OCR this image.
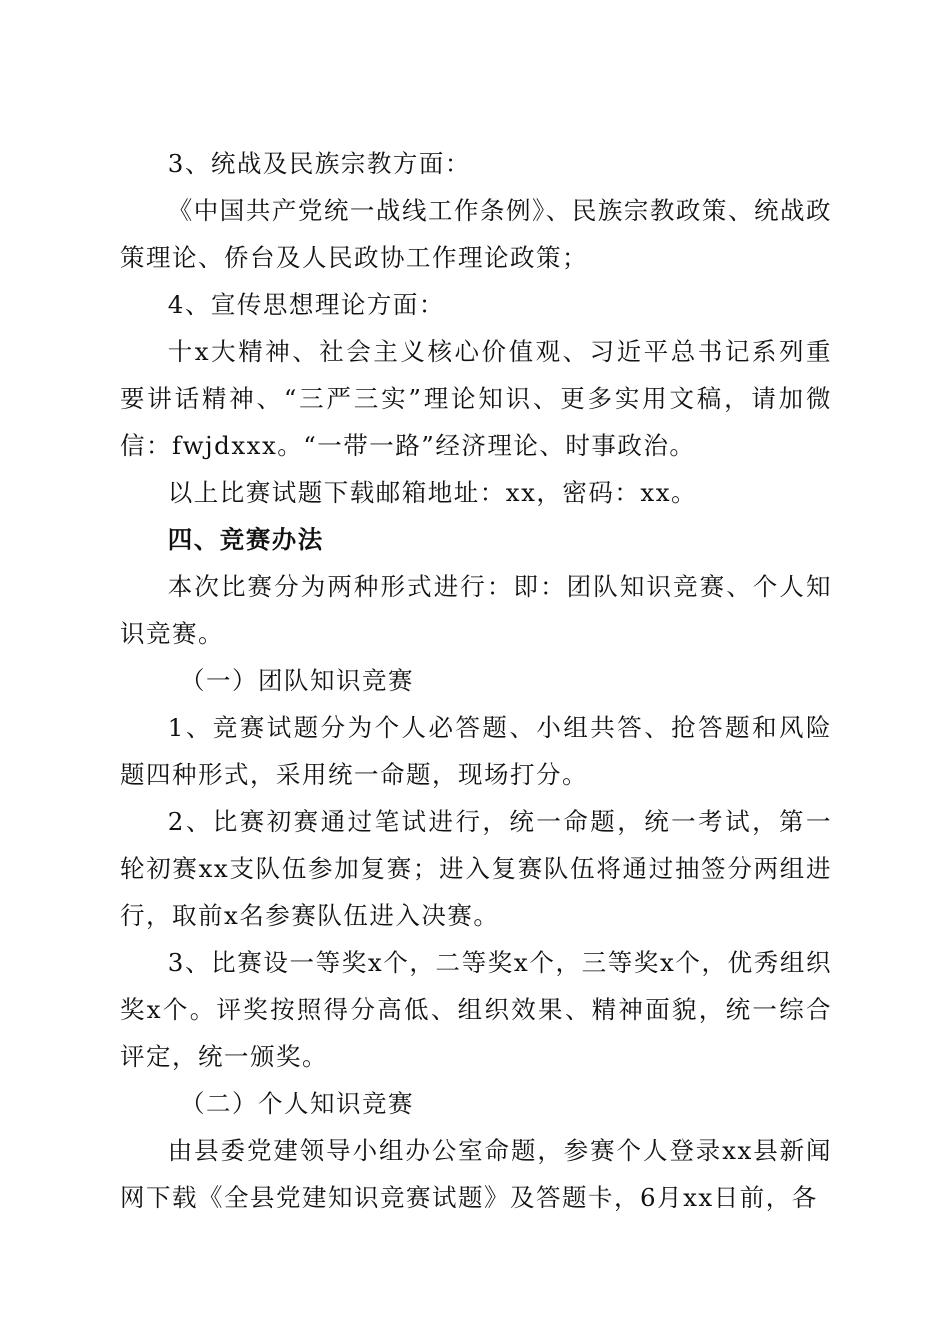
3、统战及民族宗教方面：

《中国共产党统一战线工作条例》、民族宗教政策、统战政策理论、侨台及人民政协工作理论政策；

4、宣传思想理论方面：

十x大精神、社会主义核心价值观、习近平总书记系列重要讲话精神、“三严三实”理论知识、更多实用文稿，请加微信：fwjdxxx。“一带一路”经济理论、时事政治。

以上比赛试题下载邮箱地址：xx，密码：xx。

四、竞赛办法

本次比赛分为两种形式进行：即：团队知识竞赛、个人知识竞赛。

（一）团队知识竞赛

1、竞赛试题分为个人必答题、小组共答、抢答题和风险题四种形式，采用统一命题，现场打分。

2、比赛初赛通过笔试进行，统一命题，统一考试，第一轮初赛xx支队伍参加复赛；进入复赛队伍将通过抽签分两组进行，取前x名参赛队伍进入决赛。

3、比赛设一等奖x个，二等奖x个，三等奖x个，优秀组织奖x个。评奖按照得分高低、组织效果、精神面貌，统一综合评定，统一颁奖。

（二）个人知识竞赛

由县委党建领导小组办公室命题，参赛个人登录xx县新闻网下载《全县党建知识竞赛试题》及答题卡，6月xx日前，各
